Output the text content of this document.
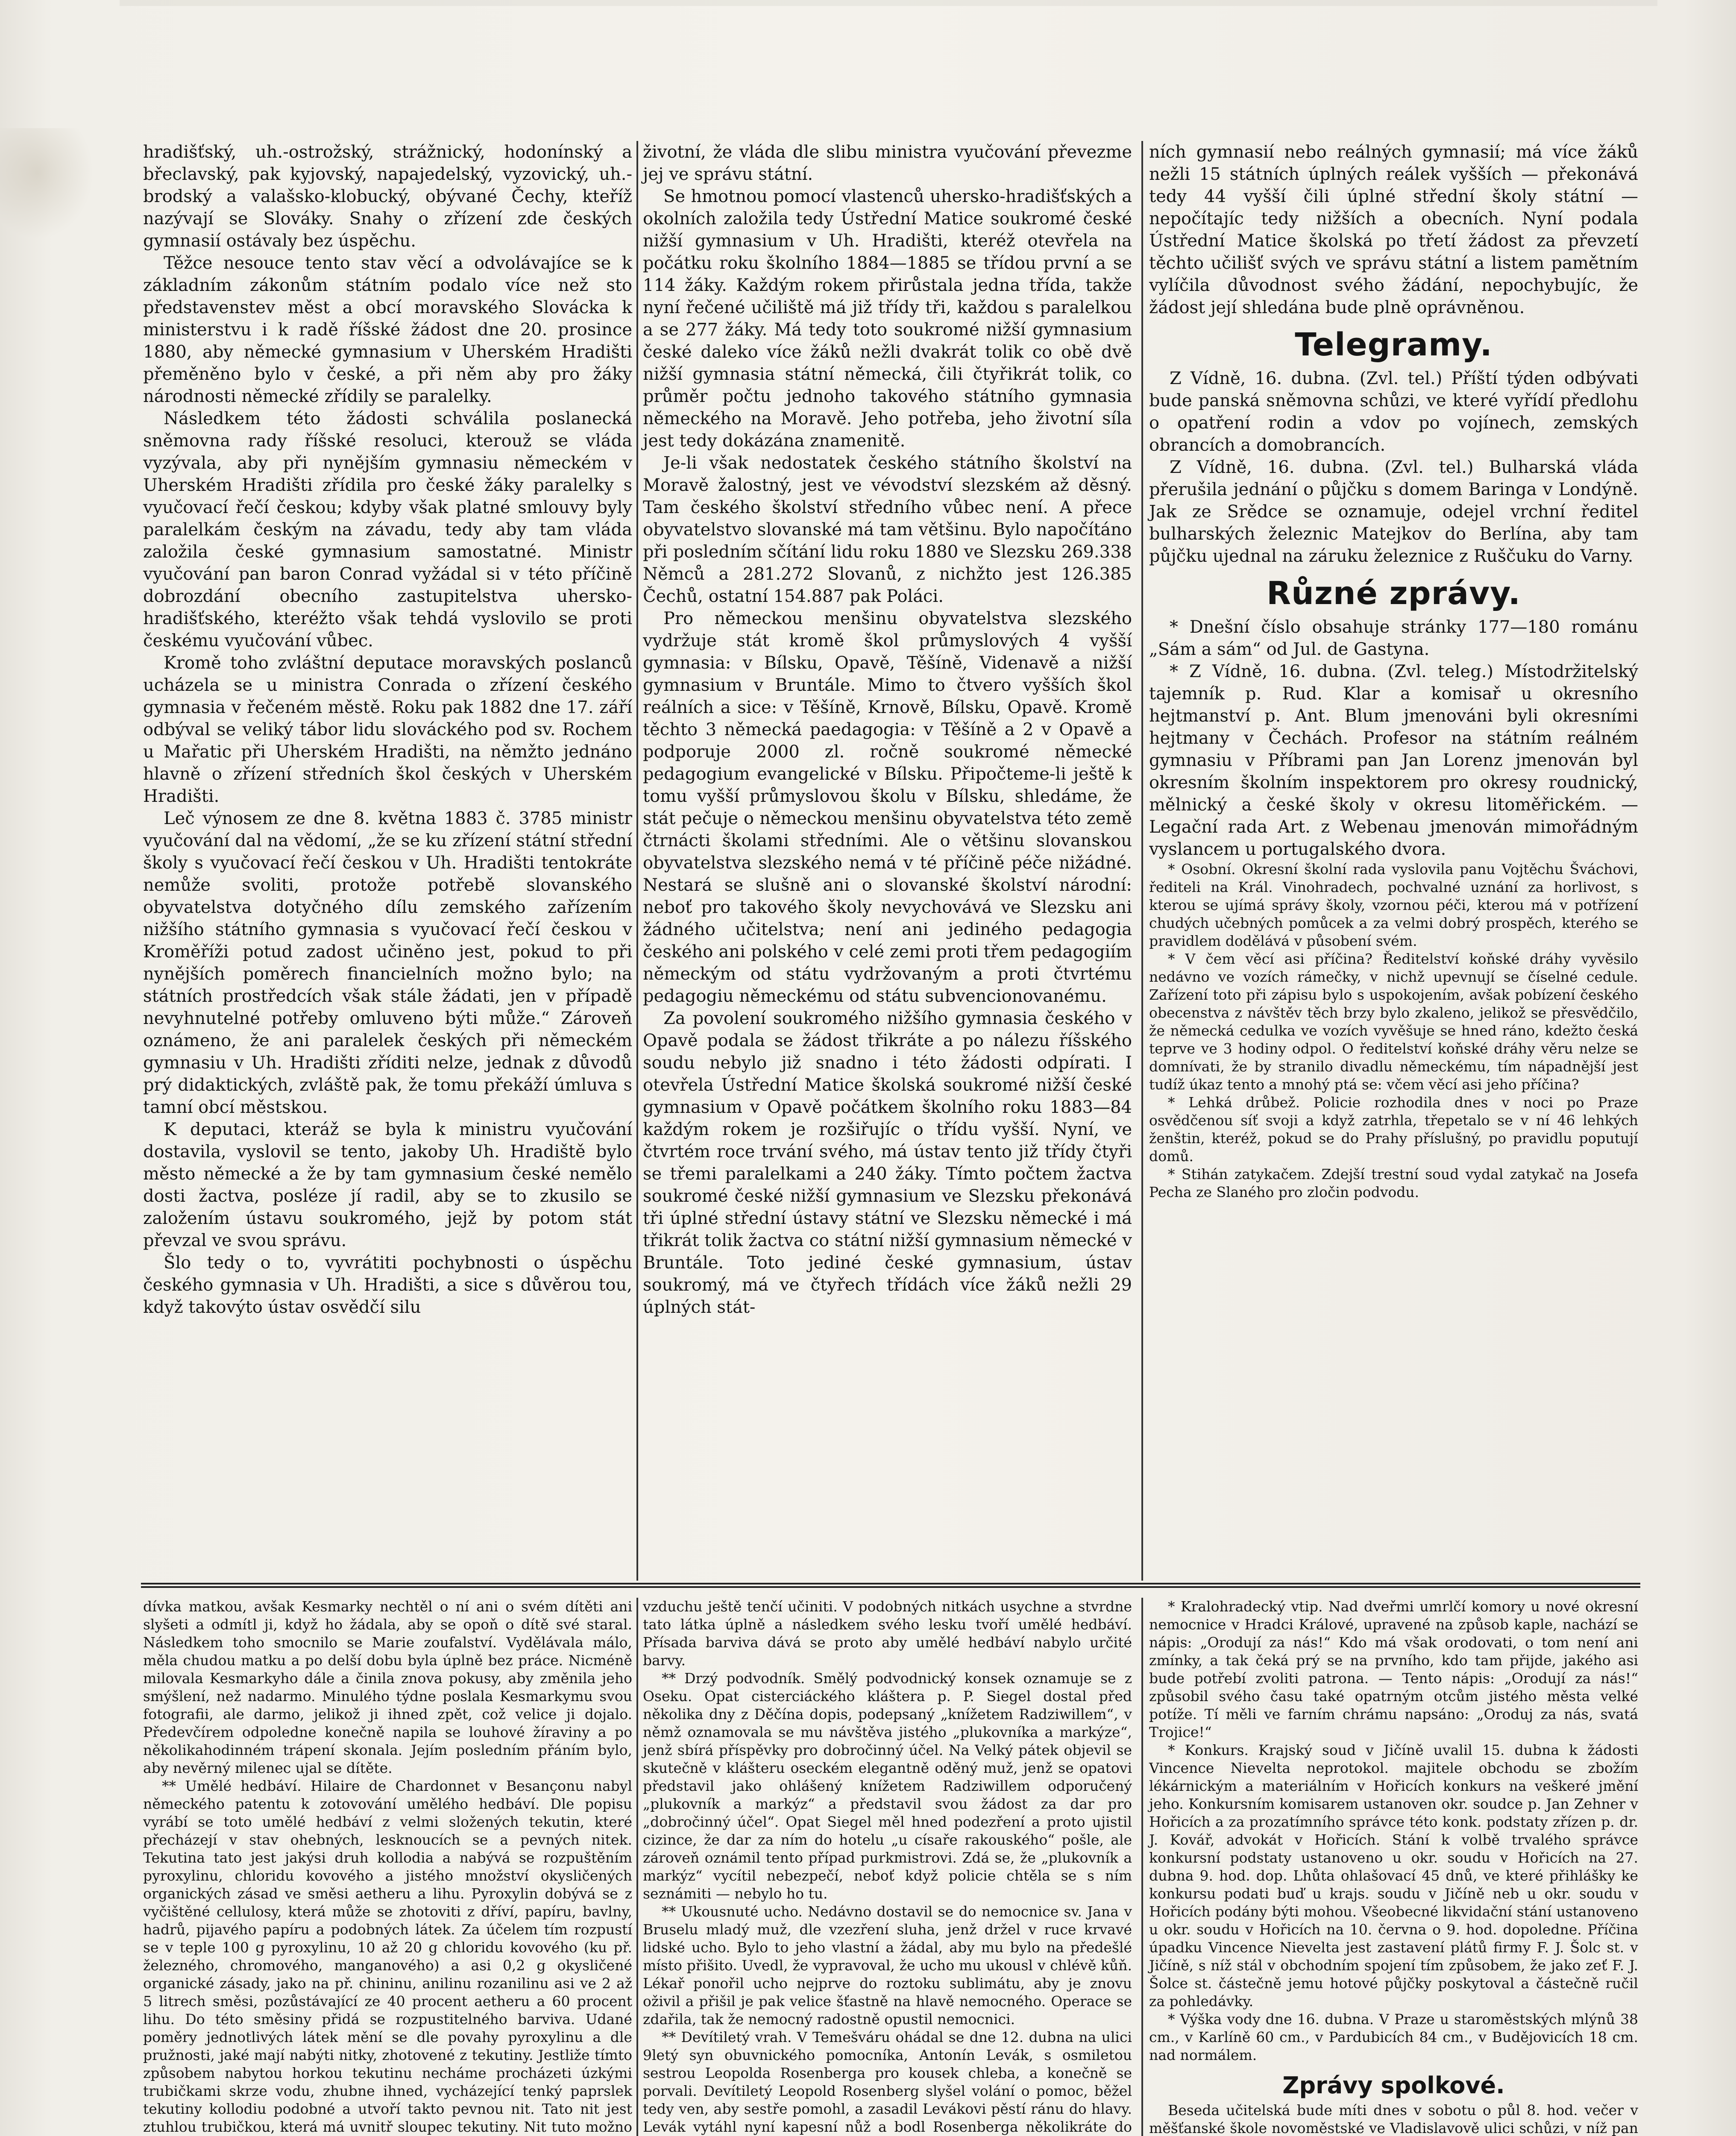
hradišťský, uh.-ostrožský, strážnický, hodonínský a břeclavský, pak kyjovský, napajedelský, vyzovický, uh.-brodský a valašsko-klobucký, obývané Čechy, kteříž nazývají se Slováky. Snahy o zřízení zde českých gymnasií ostávaly bez úspěchu.

Těžce nesouce tento stav věcí a odvolávajíce se k základním zákonům státním podalo více než sto představenstev měst a obcí moravského Slovácka k ministerstvu i k radě říšské žádost dne 20. prosince 1880, aby německé gymnasium v Uherském Hradišti přeměněno bylo v české, a při něm aby pro žáky národnosti německé zřídily se paralelky.

Následkem této žádosti schválila poslanecká sněmovna rady říšské resoluci, kterouž se vláda vyzývala, aby při nynějším gymnasiu německém v Uherském Hradišti zřídila pro české žáky paralelky s vyučovací řečí českou; kdyby však platné smlouvy byly paralelkám českým na závadu, tedy aby tam vláda založila české gymnasium samostatné. Ministr vyučování pan baron Conrad vyžádal si v této příčině dobrozdání obecního zastupitelstva uhersko-hradišťského, kteréžto však tehdá vyslovilo se proti českému vyučování vůbec.

Kromě toho zvláštní deputace moravských poslanců ucházela se u ministra Conrada o zřízení českého gymnasia v řečeném městě. Roku pak 1882 dne 17. září odbýval se veliký tábor lidu slováckého pod sv. Rochem u Mařatic při Uherském Hradišti, na němžto jednáno hlavně o zřízení středních škol českých v Uherském Hradišti.

Leč výnosem ze dne 8. května 1883 č. 3785 ministr vyučování dal na vědomí, „že se ku zřízení státní střední školy s vyučovací řečí českou v Uh. Hradišti tentokráte nemůže svoliti, protože potřebě slovanského obyvatelstva dotyčného dílu zemského zařízením nižšího státního gymnasia s vyučovací řečí českou v Kroměříži potud zadost učiněno jest, pokud to při nynějších poměrech financielních možno bylo; na státních prostředcích však stále žádati, jen v případě nevyhnutelné potřeby omluveno býti může.“ Zároveň oznámeno, že ani paralelek českých při německém gymnasiu v Uh. Hradišti zříditi nelze, jednak z důvodů prý didaktických, zvláště pak, že tomu překáží úmluva s tamní obcí městskou.

K deputaci, kteráž se byla k ministru vyučování dostavila, vyslovil se tento, jakoby Uh. Hradiště bylo město německé a že by tam gymnasium české nemělo dosti žactva, posléze jí radil, aby se to zkusilo se založením ústavu soukromého, jejž by potom stát převzal ve svou správu.

Šlo tedy o to, vyvrátiti pochybnosti o úspěchu českého gymnasia v Uh. Hradišti, a sice s důvěrou tou, když takovýto ústav osvědčí silu

životní, že vláda dle slibu ministra vyučování převezme jej ve správu státní.

Se hmotnou pomocí vlastenců uhersko-hradišťských a okolních založila tedy Ústřední Matice soukromé české nižší gymnasium v Uh. Hradišti, kteréž otevřela na počátku roku školního 1884—1885 se třídou první a se 114 žáky. Každým rokem přirůstala jedna třída, takže nyní řečené učiliště má již třídy tři, každou s paralelkou a se 277 žáky. Má tedy toto soukromé nižší gymnasium české daleko více žáků nežli dvakrát tolik co obě dvě nižší gymnasia státní německá, čili čtyřikrát tolik, co průměr počtu jednoho takového státního gymnasia německého na Moravě. Jeho potřeba, jeho životní síla jest tedy dokázána znamenitě.

Je-li však nedostatek českého státního školství na Moravě žalostný, jest ve vévodství slezském až děsný. Tam českého školství středního vůbec není. A přece obyvatelstvo slovanské má tam většinu. Bylo napočítáno při posledním sčítání lidu roku 1880 ve Slezsku 269.338 Němců a 281.272 Slovanů, z nichžto jest 126.385 Čechů, ostatní 154.887 pak Poláci.

Pro německou menšinu obyvatelstva slezského vydržuje stát kromě škol průmyslových 4 vyšší gymnasia: v Bílsku, Opavě, Těšíně, Videnavě a nižší gymnasium v Bruntále. Mimo to čtvero vyšších škol reálních a sice: v Těšíně, Krnově, Bílsku, Opavě. Kromě těchto 3 německá paedagogia: v Těšíně a 2 v Opavě a podporuje 2000 zl. ročně soukromé německé pedagogium evangelické v Bílsku. Připočteme-li ještě k tomu vyšší průmyslovou školu v Bílsku, shledáme, že stát pečuje o německou menšinu obyvatelstva této země čtrnácti školami středními. Ale o většinu slovanskou obyvatelstva slezského nemá v té příčině péče nižádné. Nestará se slušně ani o slovanské školství národní: neboť pro takového školy nevychovává ve Slezsku ani žádného učitelstva; není ani jediného pedagogia českého ani polského v celé zemi proti třem pedagogiím německým od státu vydržovaným a proti čtvrtému pedagogiu německému od státu subvencionovanému.

Za povolení soukromého nižšího gymnasia českého v Opavě podala se žádost třikráte a po nálezu říšského soudu nebylo již snadno i této žádosti odpírati. I otevřela Ústřední Matice školská soukromé nižší české gymnasium v Opavě počátkem školního roku 1883—84 každým rokem je rozšiřujíc o třídu vyšší. Nyní, ve čtvrtém roce trvání svého, má ústav tento již třídy čtyři se třemi paralelkami a 240 žáky. Tímto počtem žactva soukromé české nižší gymnasium ve Slezsku překonává tři úplné střední ústavy státní ve Slezsku německé i má třikrát tolik žactva co státní nižší gymnasium německé v Bruntále. Toto jediné české gymnasium, ústav soukromý, má ve čtyřech třídách více žáků nežli 29 úplných stát-

ních gymnasií nebo reálných gymnasií; má více žáků nežli 15 státních úplných reálek vyšších — překonává tedy 44 vyšší čili úplné střední školy státní — nepočítajíc tedy nižších a obecních. Nyní podala Ústřední Matice školská po třetí žádost za převzetí těchto učilišť svých ve správu státní a listem pamětním vylíčila důvodnost svého žádání, nepochybujíc, že žádost její shledána bude plně oprávněnou.

Telegramy.

Z Vídně, 16. dubna. (Zvl. tel.) Příští týden odbývati bude panská sněmovna schůzi, ve které vyřídí předlohu o opatření rodin a vdov po vojínech, zemských obrancích a domobrancích.

Z Vídně, 16. dubna. (Zvl. tel.) Bulharská vláda přerušila jednání o půjčku s domem Baringa v Londýně. Jak ze Srědce se oznamuje, odejel vrchní ředitel bulharských železnic Matejkov do Berlína, aby tam půjčku ujednal na záruku železnice z Ruščuku do Varny.

Různé zprávy.

* Dnešní číslo obsahuje stránky 177—180 románu „Sám a sám“ od Jul. de Gastyna.

* Z Vídně, 16. dubna. (Zvl. teleg.) Místodržitelský tajemník p. Rud. Klar a komisař u okresního hejtmanství p. Ant. Blum jmenováni byli okresními hejtmany v Čechách. Profesor na státním reálném gymnasiu v Příbrami pan Jan Lorenz jmenován byl okresním školním inspektorem pro okresy roudnický, mělnický a české školy v okresu litoměřickém. — Legační rada Art. z Webenau jmenován mimořádným vyslancem u portugalského dvora.

* Osobní. Okresní školní rada vyslovila panu Vojtěchu Šváchovi, řediteli na Král. Vinohradech, pochvalné uznání za horlivost, s kterou se ujímá správy školy, vzornou péči, kterou má v potřízení chudých učebných pomůcek a za velmi dobrý prospěch, kterého se pravidlem dodělává v působení svém.

* V čem věcí asi příčina? Ředitelství koňské dráhy vyvěsilo nedávno ve vozích rámečky, v nichž upevnují se číselné cedule. Zařízení toto při zápisu bylo s uspokojením, avšak pobízení českého obecenstva z návštěv těch brzy bylo zkaleno, jelikož se přesvědčilo, že německá cedulka ve vozích vyvěšuje se hned ráno, kdežto česká teprve ve 3 hodiny odpol. O ředitelství koňské dráhy věru nelze se domnívati, že by stranilo divadlu německému, tím nápadnější jest tudíž úkaz tento a mnohý ptá se: včem věcí asi jeho příčina?

* Lehká drůbež. Policie rozhodila dnes v noci po Praze osvědčenou síť svoji a když zatrhla, třepetalo se v ní 46 lehkých ženštin, kteréž, pokud se do Prahy příslušný, po pravidlu poputují domů.

* Stihán zatykačem. Zdejší trestní soud vydal zatykač na Josefa Pecha ze Slaného pro zločin podvodu.

dívka matkou, avšak Kesmarky nechtěl o ní ani o svém dítěti ani slyšeti a odmítl ji, když ho žádala, aby se opoň o dítě své staral. Následkem toho smocnilo se Marie zoufalství. Vydělávala málo, měla chudou matku a po delší dobu byla úplně bez práce. Nicméně milovala Kesmarkyho dále a činila znova pokusy, aby změnila jeho smýšlení, než nadarmo. Minulého týdne poslala Kesmarkymu svou fotografii, ale darmo, jelikož ji ihned zpět, což velice ji dojalo. Předevčírem odpoledne konečně napila se louhové žíraviny a po několikahodinném trápení skonala. Jejím posledním přáním bylo, aby nevěrný milenec ujal se dítěte.

** Umělé hedbáví. Hilaire de Chardonnet v Besançonu nabyl německého patentu k zotovování umělého hedbáví. Dle popisu vyrábí se toto umělé hedbáví z velmi složených tekutin, které přecházejí v stav ohebných, lesknoucích se a pevných nitek. Tekutina tato jest jakýsi druh kollodia a nabývá se rozpuštěním pyroxylinu, chloridu kovového a jistého množství okysličených organických zásad ve směsi aetheru a lihu. Pyroxylin dobývá se z vyčištěné cellulosy, která může se zhotoviti z dříví, papíru, bavlny, hadrů, pijavého papíru a podobných látek. Za účelem tím rozpustí se v teple 100 g pyroxylinu, 10 až 20 g chloridu kovového (ku př. železného, chromového, manganového) a asi 0,2 g okysličené organické zásady, jako na př. chininu, anilinu rozanilinu asi ve 2 až 5 litrech směsi, pozůstávající ze 40 procent aetheru a 60 procent lihu. Do této směsiny přidá se rozpustitelného barviva. Udané poměry jednotlivých látek mění se dle povahy pyroxylinu a dle pružnosti, jaké mají nabýti nitky, zhotovené z tekutiny. Jestliže tímto způsobem nabytou horkou tekutinu necháme procházeti úzkými trubičkami skrze vodu, zhubne ihned, vycházející tenký paprslek tekutiny kollodiu podobné a utvoří takto pevnou nit. Tato nit jest ztuhlou trubičkou, která má uvnitř sloupec tekutiny. Nit tuto možno

vzduchu ještě tenčí učiniti. V podobných nitkách usychne a stvrdne tato látka úplně a následkem svého lesku tvoří umělé hedbáví. Přísada barviva dává se proto aby umělé hedbáví nabylo určité barvy.

** Drzý podvodník. Smělý podvodnický konsek oznamuje se z Oseku. Opat cisterciáckého kláštera p. P. Siegel dostal před několika dny z Děčína dopis, podepsaný „knížetem Radziwillem“, v němž oznamovala se mu návštěva jistého „plukovníka a markýze“, jenž sbírá příspěvky pro dobročinný účel. Na Velký pátek objevil se skutečně v klášteru oseckém elegantně oděný muž, jenž se opatovi představil jako ohlášený knížetem Radziwillem odporučený „plukovník a markýz“ a představil svou žádost za dar pro „dobročinný účel“. Opat Siegel měl hned podezření a proto ujistil cizince, že dar za ním do hotelu „u císaře rakouského“ pošle, ale zároveň oznámil tento případ purkmistrovi. Zdá se, že „plukovník a markýz“ vycítil nebezpečí, neboť když policie chtěla se s ním seznámiti — nebylo ho tu.

** Ukousnuté ucho. Nedávno dostavil se do nemocnice sv. Jana v Bruselu mladý muž, dle vzezření sluha, jenž držel v ruce krvavé lidské ucho. Bylo to jeho vlastní a žádal, aby mu bylo na předešlé místo přišito. Uvedl, že vypravoval, že ucho mu ukousl v chlévě kůň. Lékař ponořil ucho nejprve do roztoku sublimátu, aby je znovu oživil a přišil je pak velice šťastně na hlavě nemocného. Operace se zdařila, tak že nemocný radostně opustil nemocnici.

** Devítiletý vrah. V Temešváru ohádal se dne 12. dubna na ulici 9letý syn obuvnického pomocníka, Antonín Levák, s osmiletou sestrou Leopolda Rosenberga pro kousek chleba, a konečně se porvali. Devítiletý Leopold Rosenberg slyšel volání o pomoc, běžel tedy ven, aby sestře pomohl, a zasadil Levákovi pěstí ránu do hlavy. Levák vytáhl nyní kapesní nůž a bodl Rosenberga několikráte do

* Kralohradecký vtip. Nad dveřmi umrlčí komory u nové okresní nemocnice v Hradci Králové, upravené na způsob kaple, nachází se nápis: „Orodují za nás!“ Kdo má však orodovati, o tom není ani zmínky, a tak čeká prý se na prvního, kdo tam přijde, jakého asi bude potřebí zvoliti patrona. — Tento nápis: „Orodují za nás!“ způsobil svého času také opatrným otcům jistého města velké potíže. Tí měli ve farním chrámu napsáno: „Oroduj za nás, svatá Trojice!“

* Konkurs. Krajský soud v Jičíně uvalil 15. dubna k žádosti Vincence Nievelta neprotokol. majitele obchodu se zbožím lékárnickým a materiálním v Hořicích konkurs na veškeré jmění jeho. Konkursním komisarem ustanoven okr. soudce p. Jan Zehner v Hořicích a za prozatímního správce této konk. podstaty zřízen p. dr. J. Kovář, advokát v Hořicích. Stání k volbě trvalého správce konkursní podstaty ustanoveno u okr. soudu v Hořicích na 27. dubna 9. hod. dop. Lhůta ohlašovací 45 dnů, ve které přihlášky ke konkursu podati buď u krajs. soudu v Jičíně neb u okr. soudu v Hořicích podány býti mohou. Všeobecné likvidační stání ustanoveno u okr. soudu v Hořicích na 10. června o 9. hod. dopoledne. Příčina úpadku Vincence Nievelta jest zastavení plátů firmy F. J. Šolc st. v Jičíně, s níž stál v obchodním spojení tím způsobem, že jako zeť F. J. Šolce st. částečně jemu hotové půjčky poskytoval a částečně ručil za pohledávky.

* Výška vody dne 16. dubna. V Praze u staroměstských mlýnů 38 cm., v Karlíně 60 cm., v Pardubicích 84 cm., v Budějovicích 18 cm. nad normálem.

Zprávy spolkové.

Beseda učitelská bude míti dnes v sobotu o půl 8. hod. večer v měšťanské škole novoměstské ve Vladislavově ulici schůzi, v níž pan
